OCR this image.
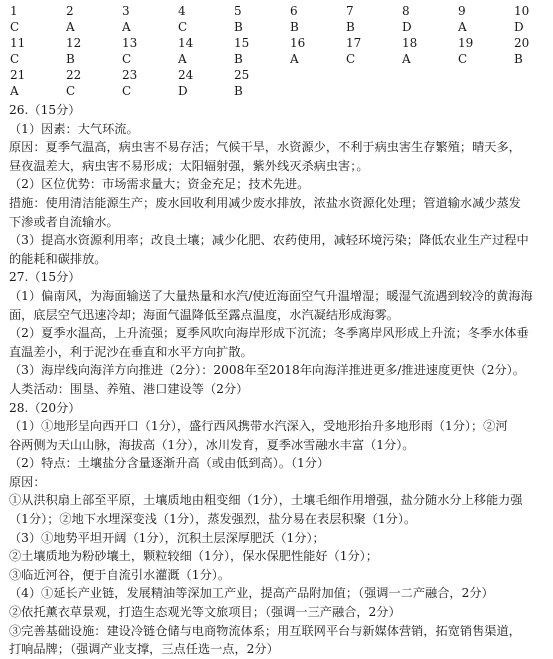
1	2	3	4	5	6	7	8	9	10
C	A	A	C	B	B	B	D	A	D
11	12	13	14	15	16	17	18	19	20
C	B	C	A	B	A	C	A	C	B
21	22	23	24	25
A	C	C	D	B
26.（15分）
（1）因素：大气环流。
原因：夏季气温高，病虫害不易存活；气候干旱，水资源少，不利于病虫害生存繁殖；晴天多，
昼夜温差大，病虫害不易形成；太阳辐射强，紫外线灭杀病虫害；。
（2）区位优势：市场需求量大；资金充足；技术先进。
措施：使用清洁能源生产；废水回收利用减少废水排放，浓盐水资源化处理；管道输水减少蒸发
下渗或者自流输水。
（3）提高水资源利用率；改良土壤；减少化肥、农药使用，减轻环境污染；降低农业生产过程中
的能耗和碳排放。
27.（15分）
（1）偏南风，为海面输送了大量热量和水汽/使近海面空气升温增湿；暖湿气流遇到较冷的黄海海
面，底层空气迅速冷却；海面气温降低至露点温度，水汽凝结形成海雾。
（2）夏季水温高，上升流强；夏季风吹向海岸形成下沉流；冬季离岸风形成上升流；冬季水体垂
直温差小，利于泥沙在垂直和水平方向扩散。
（3）海岸线向海洋方向推进（2分）：2008年至2018年向海洋推进更多/推进速度更快（2分）。
人类活动：围垦、养殖、港口建设等（2分）
28.（20分）
（1）①地形呈向西开口（1分），盛行西风携带水汽深入，受地形抬升多地形雨（1分）；②河
谷两侧为天山山脉，海拔高（1分），冰川发育，夏季冰雪融水丰富（1分）。
（2）特点：土壤盐分含量逐渐升高（或由低到高）。（1分）
原因：
①从洪积扇上部至平原，土壤质地由粗变细（1分），土壤毛细作用增强，盐分随水分上移能力强
（1分）；②地下水埋深变浅（1分），蒸发强烈，盐分易在表层积聚（1分）。
（3）①地势平坦开阔（1分），沉积土层深厚肥沃（1分）；
②土壤质地为粉砂壤土，颗粒较细（1分），保水保肥性能好（1分）；
③临近河谷，便于自流引水灌溉（1分）。
（4）①延长产业链，发展精油等深加工产业，提高产品附加值；（强调一二产融合，2分）
②依托薰衣草景观，打造生态观光等文旅项目；（强调一三产融合，2分）
③完善基础设施：建设冷链仓储与电商物流体系；用互联网平台与新媒体营销，拓宽销售渠道，
打响品牌；（强调产业支撑，三点任选一点，2分）
